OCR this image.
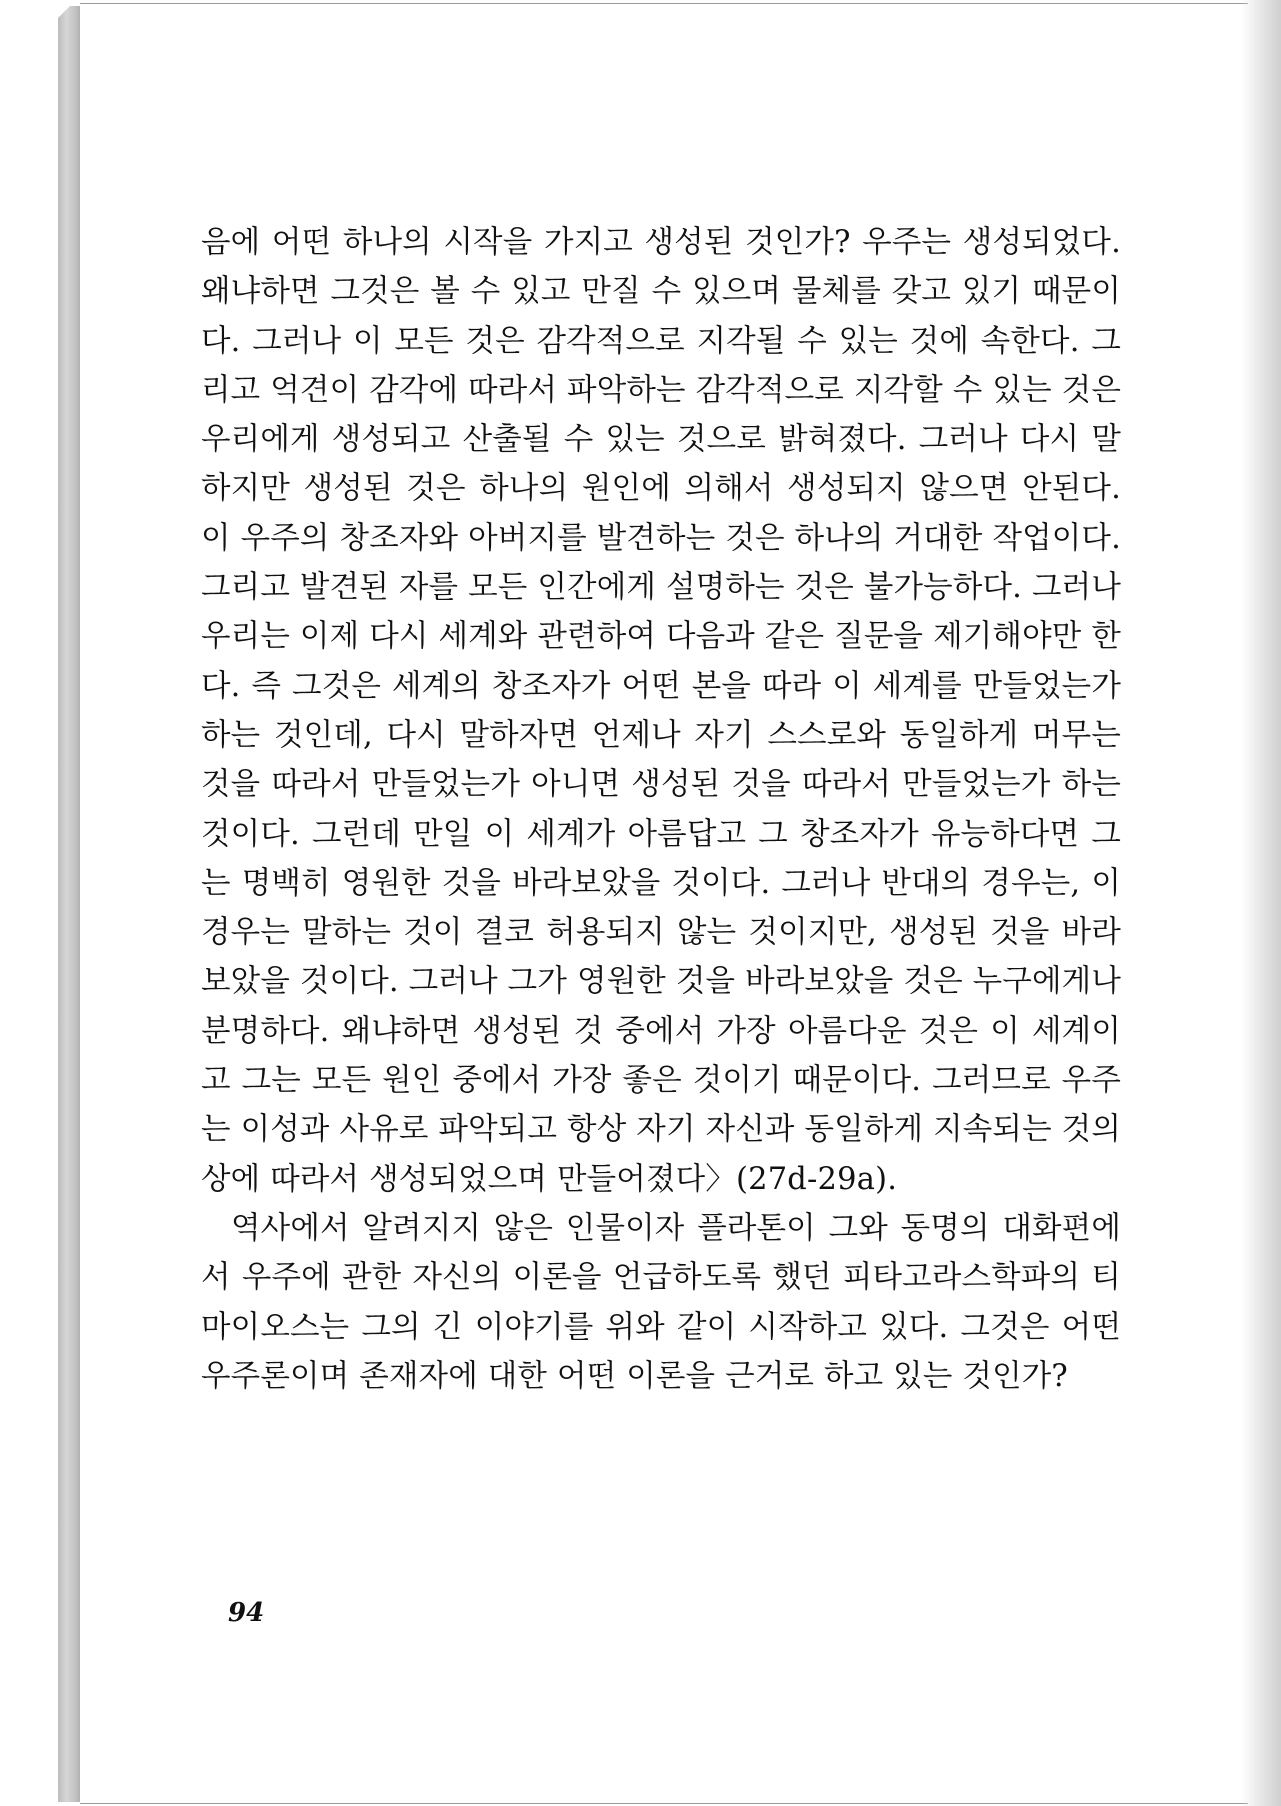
음에 어떤 하나의 시작을 가지고 생성된 것인가? 우주는 생성되었다. 왜냐하면 그것은 볼 수 있고 만질 수 있으며 물체를 갖고 있기 때문이다. 그러나 이 모든 것은 감각적으로 지각될 수 있는 것에 속한다. 그리고 억견이 감각에 따라서 파악하는 감각적으로 지각할 수 있는 것은 우리에게 생성되고 산출될 수 있는 것으로 밝혀졌다. 그러나 다시 말하지만 생성된 것은 하나의 원인에 의해서 생성되지 않으면 안된다. 이 우주의 창조자와 아버지를 발견하는 것은 하나의 거대한 작업이다. 그리고 발견된 자를 모든 인간에게 설명하는 것은 불가능하다. 그러나 우리는 이제 다시 세계와 관련하여 다음과 같은 질문을 제기해야만 한다. 즉 그것은 세계의 창조자가 어떤 본을 따라 이 세계를 만들었는가 하는 것인데, 다시 말하자면 언제나 자기 스스로와 동일하게 머무는 것을 따라서 만들었는가 아니면 생성된 것을 따라서 만들었는가 하는 것이다. 그런데 만일 이 세계가 아름답고 그 창조자가 유능하다면 그는 명백히 영원한 것을 바라보았을 것이다. 그러나 반대의 경우는, 이 경우는 말하는 것이 결코 허용되지 않는 것이지만, 생성된 것을 바라보았을 것이다. 그러나 그가 영원한 것을 바라보았을 것은 누구에게나 분명하다. 왜냐하면 생성된 것 중에서 가장 아름다운 것은 이 세계이고 그는 모든 원인 중에서 가장 좋은 것이기 때문이다. 그러므로 우주는 이성과 사유로 파악되고 항상 자기 자신과 동일하게 지속되는 것의 상에 따라서 생성되었으며 만들어졌다〉(27d-29a).

역사에서 알려지지 않은 인물이자 플라톤이 그와 동명의 대화편에서 우주에 관한 자신의 이론을 언급하도록 했던 피타고라스학파의 티마이오스는 그의 긴 이야기를 위와 같이 시작하고 있다. 그것은 어떤 우주론이며 존재자에 대한 어떤 이론을 근거로 하고 있는 것인가?

94
